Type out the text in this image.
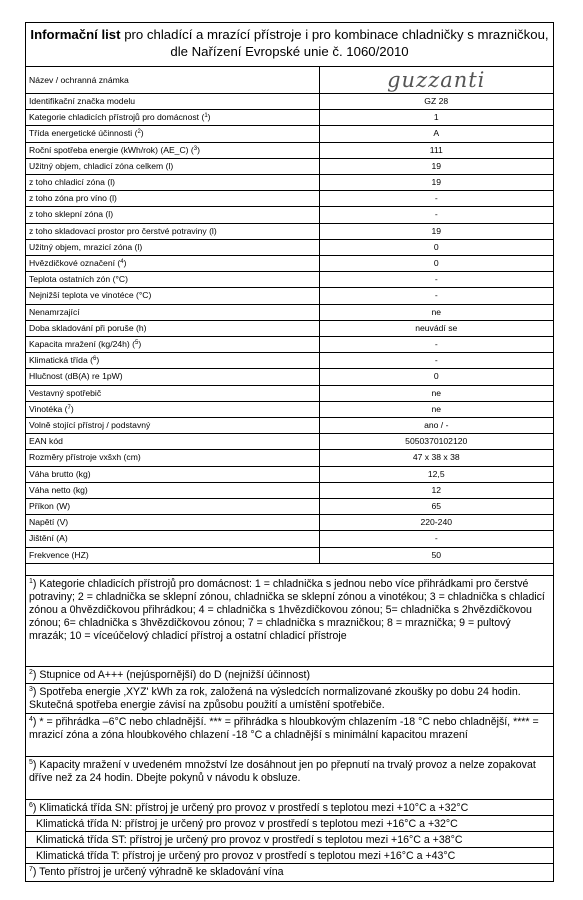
Informační list pro chladící a mrazící přístroje i pro kombinace chladničky s mrazničkou, dle Nařízení Evropské unie č. 1060/2010
Název / ochranná známka	guzzanti
Identifikační značka modelu	GZ 28
Kategorie chladicích přístrojů pro domácnost ($^1$)	1
Třída energetické účinnosti ($^2$)	A
Roční spotřeba energie (kWh/rok) (AE_C) ($^3$)	111
Užitný objem, chladicí zóna celkem (l)	19
z toho chladicí zóna (l)	19
z toho zóna pro víno (l)	-
z toho sklepní zóna (l)	-
z toho skladovací prostor pro čerstvé potraviny (l)	19
Užitný objem, mrazicí zóna (l)	0
Hvězdičkové označení ($^4$)	0
Teplota ostatních zón (°C)	-
Nejnižší teplota ve vinotéce (°C)	-
Nenamrzající	ne
Doba skladování při poruše (h)	neuvádí se
Kapacita mražení (kg/24h) ($^5$)	-
Klimatická třída ($^6$)	-
Hlučnost (dB(A) re 1pW)	0
Vestavný spotřebič	ne
Vinotéka ($^7$)	ne
Volně stojící přístroj / podstavný	ano / -
EAN kód	5050370102120
Rozměry přístroje vxšxh (cm)	47 x 38 x 38
Váha brutto (kg)	12,5
Váha netto (kg)	12
Příkon (W)	65
Napětí (V)	220-240
Jištění (A)	-
Frekvence (HZ)	50
$^1$) Kategorie chladicích přístrojů pro domácnost: 1 = chladnička s jednou nebo více přihrádkami pro čerstvé potraviny; 2 = chladnička se sklepní zónou, chladnička se sklepní zónou a vinotékou; 3 = chladnička s chladicí zónou a 0hvězdičkovou přihrádkou; 4 = chladnička s 1hvězdičkovou zónou; 5= chladnička s 2hvězdičkovou zónou; 6= chladnička s 3hvězdičkovou zónou; 7 = chladnička s mrazničkou; 8 = mraznička; 9 = pultový mrazák; 10 = víceúčelový chladicí přístroj a ostatní chladicí přístroje
$^2$) Stupnice od A+++ (nejúspornější) do D (nejnižší účinnost)
$^3$) Spotřeba energie ‚XYZ' kWh za rok, založená na výsledcích normalizované zkoušky po dobu 24 hodin. Skutečná spotřeba energie závisí na způsobu použití a umístění spotřebiče.
$^4$) * = přihrádka –6°C nebo chladnější. *** = přihrádka s hloubkovým chlazením -18 °C nebo chladnější, **** = mrazicí zóna a zóna hloubkového chlazení -18 °C a chladnější s minimální kapacitou mrazení
$^5$) Kapacity mražení v uvedeném množství lze dosáhnout jen po přepnutí na trvalý provoz a nelze zopakovat dříve než za 24 hodin. Dbejte pokynů v návodu k obsluze.
$^6$) Klimatická třída SN: přístroj je určený pro provoz v prostředí s teplotou mezi +10°C a +32°C
Klimatická třída N: přístroj je určený pro provoz v prostředí s teplotou mezi +16°C a +32°C
Klimatická třída ST: přístroj je určený pro provoz v prostředí s teplotou mezi +16°C a +38°C
Klimatická třída T: přístroj je určený pro provoz v prostředí s teplotou mezi +16°C a +43°C
$^7$) Tento přístroj je určený výhradně ke skladování vína
